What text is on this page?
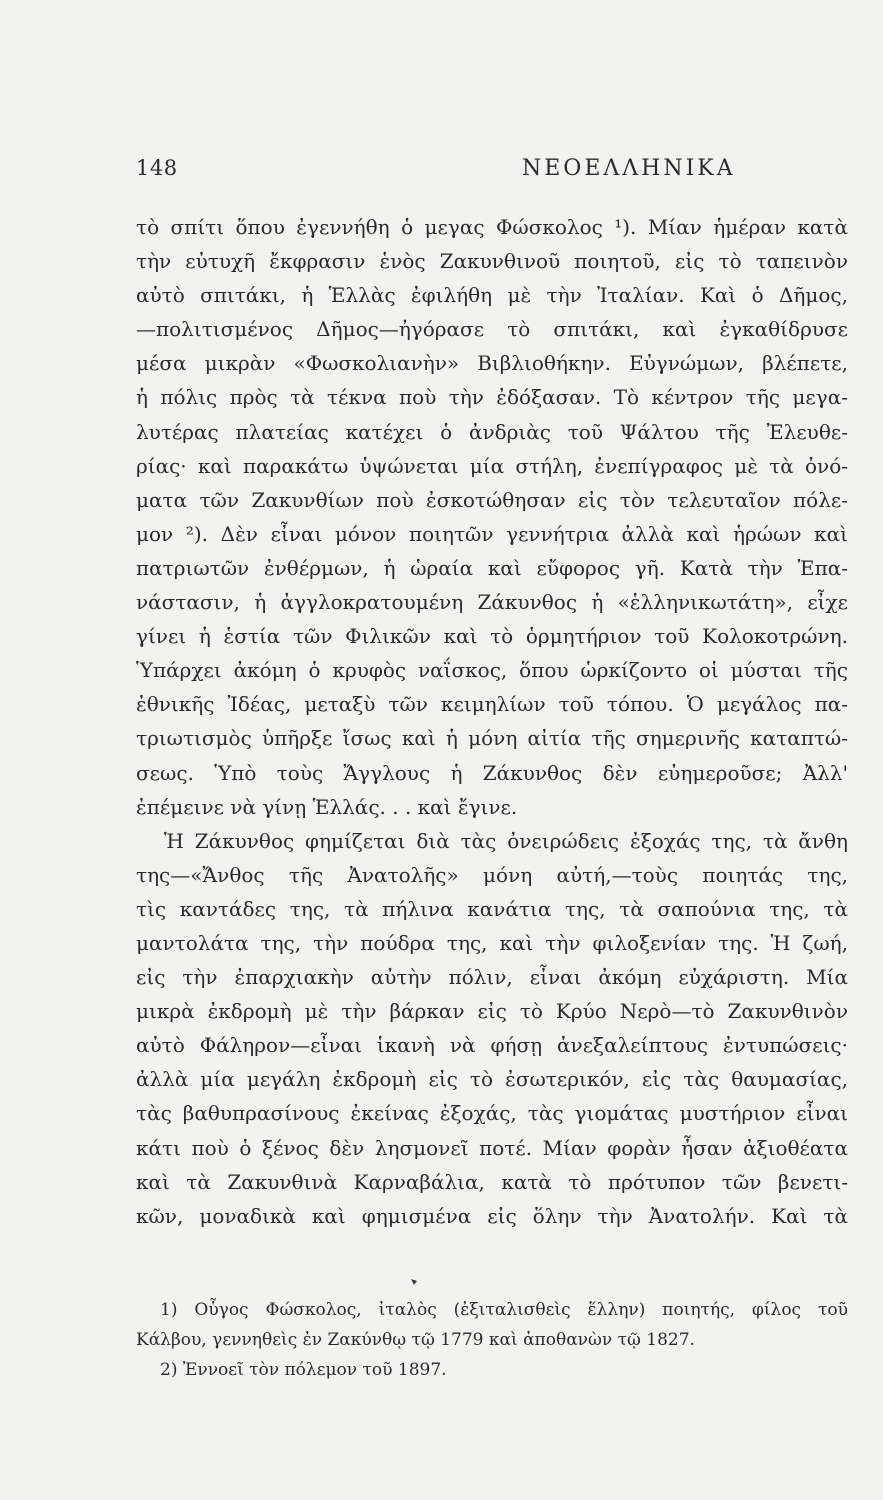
148	ΝΕΟΕΛΛΗΝΙΚΑ
τὸ σπίτι ὅπου ἐγεννήθη ὁ μεγας Φώσκολος ¹). Μίαν ἡμέραν κατὰ
τὴν εὐτυχῆ ἔκφρασιν ἑνὸς Ζακυνθινοῦ ποιητοῦ, εἰς τὸ ταπεινὸν
αὐτὸ σπιτάκι, ἡ Ἑλλὰς ἐφιλήθη μὲ τὴν Ἰταλίαν. Καὶ ὁ Δῆμος,
—πολιτισμένος Δῆμος—ἠγόρασε τὸ σπιτάκι, καὶ ἐγκαθίδρυσε
μέσα μικρὰν «Φωσκολιανὴν» Βιβλιοθήκην. Εὐγνώμων, βλέπετε,
ἡ πόλις πρὸς τὰ τέκνα ποὺ τὴν ἐδόξασαν. Τὸ κέντρον τῆς μεγα-
λυτέρας πλατείας κατέχει ὁ ἀνδριὰς τοῦ Ψάλτου τῆς Ἐλευθε-
ρίας· καὶ παρακάτω ὑψώνεται μία στήλη, ἐνεπίγραφος μὲ τὰ ὀνό-
ματα τῶν Ζακυνθίων ποὺ ἐσκοτώθησαν εἰς τὸν τελευταῖον πόλε-
μον ²). Δὲν εἶναι μόνον ποιητῶν γεννήτρια ἀλλὰ καὶ ἡρώων καὶ
πατριωτῶν ἐνθέρμων, ἡ ὡραία καὶ εὔφορος γῆ. Κατὰ τὴν Ἐπα-
νάστασιν, ἡ ἀγγλοκρατουμένη Ζάκυνθος ἡ «ἑλληνικωτάτη», εἶχε
γίνει ἡ ἑστία τῶν Φιλικῶν καὶ τὸ ὁρμητήριον τοῦ Κολοκοτρώνη.
Ὑπάρχει ἀκόμη ὁ κρυφὸς ναΐσκος, ὅπου ὡρκίζοντο οἱ μύσται τῆς
ἐθνικῆς Ἰδέας, μεταξὺ τῶν κειμηλίων τοῦ τόπου. Ὁ μεγάλος πα-
τριωτισμὸς ὑπῆρξε ἴσως καὶ ἡ μόνη αἰτία τῆς σημερινῆς καταπτώ-
σεως. Ὑπὸ τοὺς Ἄγγλους ἡ Ζάκυνθος δὲν εὐημεροῦσε; Ἀλλ'
ἐπέμεινε νὰ γίνῃ Ἑλλάς. . . καὶ ἔγινε.
Ἡ Ζάκυνθος φημίζεται διὰ τὰς ὀνειρώδεις ἐξοχάς της, τὰ ἄνθη
της—«Ἄνθος τῆς Ἀνατολῆς» μόνη αὐτή,—τοὺς ποιητάς της,
τὶς καντάδες της, τὰ πήλινα κανάτια της, τὰ σαπούνια της, τὰ
μαντολάτα της, τὴν πούδρα της, καὶ τὴν φιλοξενίαν της. Ἡ ζωή,
εἰς τὴν ἐπαρχιακὴν αὐτὴν πόλιν, εἶναι ἀκόμη εὐχάριστη. Μία
μικρὰ ἐκδρομὴ μὲ τὴν βάρκαν εἰς τὸ Κρύο Νερὸ—τὸ Ζακυνθινὸν
αὐτὸ Φάληρον—εἶναι ἱκανὴ νὰ φήσῃ ἀνεξαλείπτους ἐντυπώσεις·
ἀλλὰ μία μεγάλη ἐκδρομὴ εἰς τὸ ἐσωτερικόν, εἰς τὰς θαυμασίας,
τὰς βαθυπρασίνους ἐκείνας ἐξοχάς, τὰς γιομάτας μυστήριον εἶναι
κάτι ποὺ ὁ ξένος δὲν λησμονεῖ ποτέ. Μίαν φορὰν ἦσαν ἀξιοθέατα
καὶ τὰ Ζακυνθινὰ Καρναβάλια, κατὰ τὸ πρότυπον τῶν βενετι-
κῶν, μοναδικὰ καὶ φημισμένα εἰς ὅλην τὴν Ἀνατολήν. Καὶ τὰ
1) Οὗγος Φώσκολος, ἰταλὸς (ἐξιταλισθεὶς ἕλλην) ποιητής, φίλος τοῦ
Κάλβου, γεννηθεὶς ἐν Ζακύνθῳ τῷ 1779 καὶ ἀποθανὼν τῷ 1827.
2) Ἐννοεῖ τὸν πόλεμον τοῦ 1897.
